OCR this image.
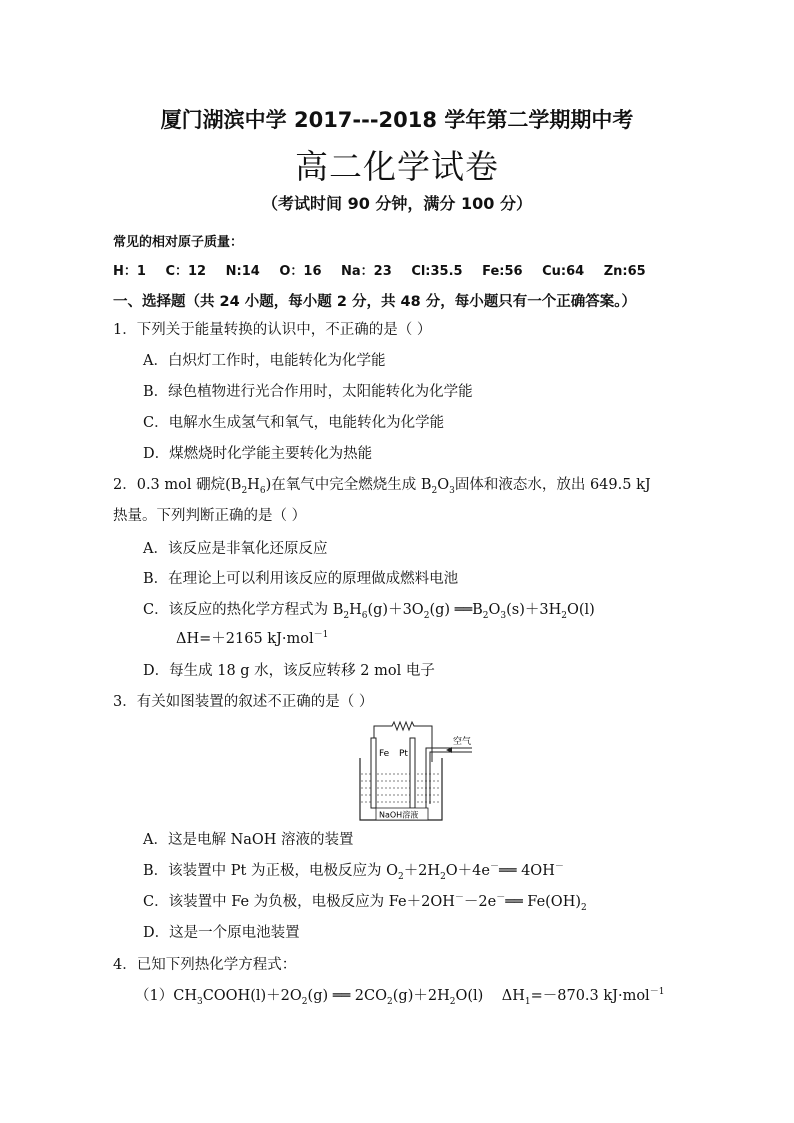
厦门湖滨中学 2017---2018 学年第二学期期中考
高二化学试卷
（考试时间 90 分钟，满分 100 分）
常见的相对原子质量：
H：1 C：12 N:14 O：16 Na：23 Cl:35.5 Fe:56 Cu:64 Zn:65
一、选择题（共 24 小题，每小题 2 分，共 48 分，每小题只有一个正确答案。）
1．下列关于能量转换的认识中，不正确的是（ ）
A．白炽灯工作时，电能转化为化学能
B．绿色植物进行光合作用时，太阳能转化为化学能
C．电解水生成氢气和氧气，电能转化为化学能
D．煤燃烧时化学能主要转化为热能
2．0.3 mol 硼烷$(B_2H_6)$在氧气中完全燃烧生成 $B_2O_3$固体和液态水，放出 649.5 kJ
热量。下列判断正确的是（ ）
A．该反应是非氧化还原反应
B．在理论上可以利用该反应的原理做成燃料电池
C．该反应的热化学方程式为 $B_2H_6(g)+3O_2(g)$ $══B_2O_3(s)+3H_2O(l)$
ΔH=＋2165 kJ·mol$^{-1}$
D．每生成 18 g 水，该反应转移 2 mol 电子
3．有关如图装置的叙述不正确的是（ ）
Fe Pt
空气
NaOH溶液
A．这是电解 NaOH 溶液的装置
B．该装置中 Pt 为正极，电极反应为 $O_2+2H_2O+4e^-══$ 4OH－
C．该装置中 Fe 为负极，电极反应为 Fe＋2OH－－2e－══ $Fe(OH)_2$
D．这是一个原电池装置
4．已知下列热化学方程式：
$(1)CH_3COOH(l)+2O_2(g)$ ══ $2CO_2(g)+2H_2O(l)$    $\Delta H_1=-870.3$ kJ·mol$^{-1}$
